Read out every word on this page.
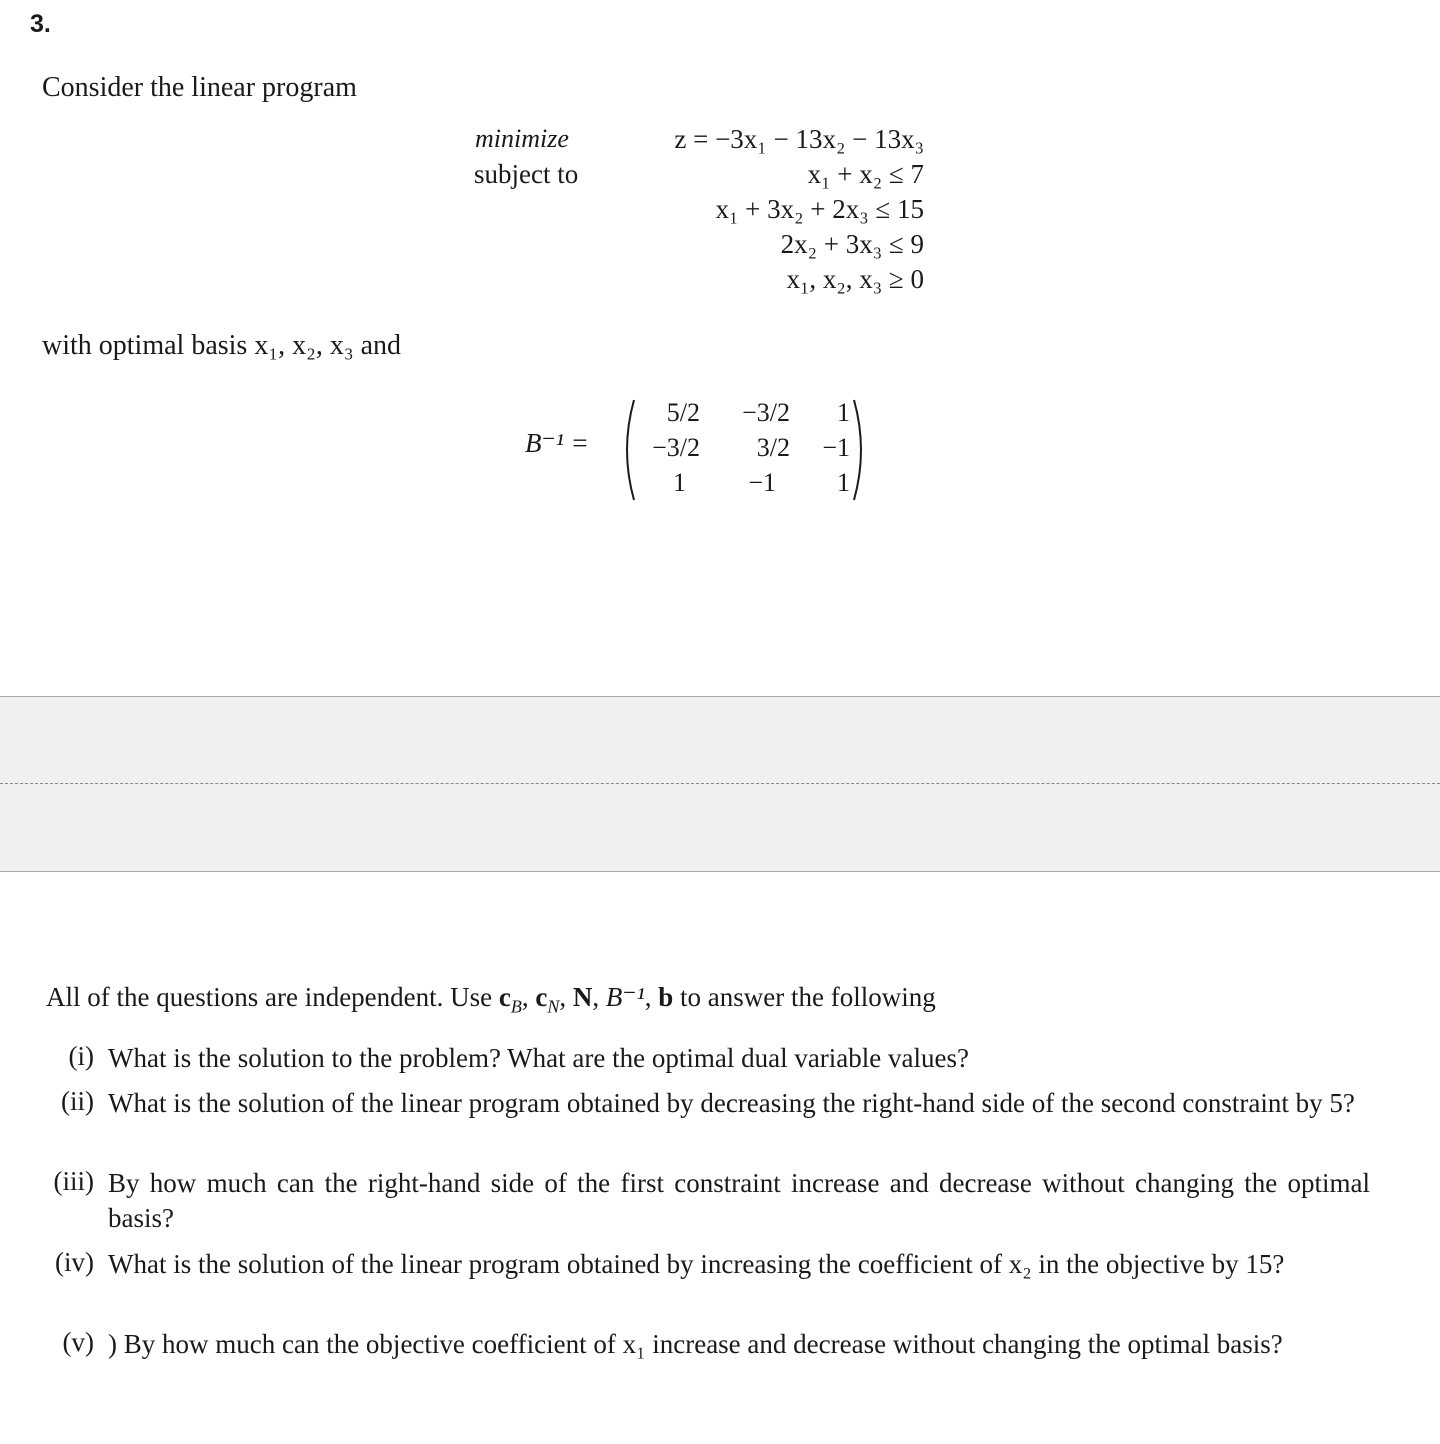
3.
Consider the linear program
minimize
subject to
z = −3x₁ − 13x₂ − 13x₃
x₁ + x₂ ≤ 7
x₁ + 3x₂ + 2x₃ ≤ 15
2x₂ + 3x₃ ≤ 9
x₁, x₂, x₃ ≥ 0
with optimal basis x₁, x₂, x₃ and
B⁻¹ =
5/2	−3/2	1
−3/2	3/2	−1
1	−1	1
All of the questions are independent. Use $c_B$, $c_N$, N, B⁻¹, b to answer the following
(i) What is the solution to the problem? What are the optimal dual variable values?
(ii) What is the solution of the linear program obtained by decreasing the right-hand side of the second constraint by 5?
(iii) By how much can the right-hand side of the first constraint increase and decrease without changing the optimal basis?
(iv) What is the solution of the linear program obtained by increasing the coefficient of x₂ in the objective by 15?
(v) ) By how much can the objective coefficient of x₁ increase and decrease without changing the optimal basis?
